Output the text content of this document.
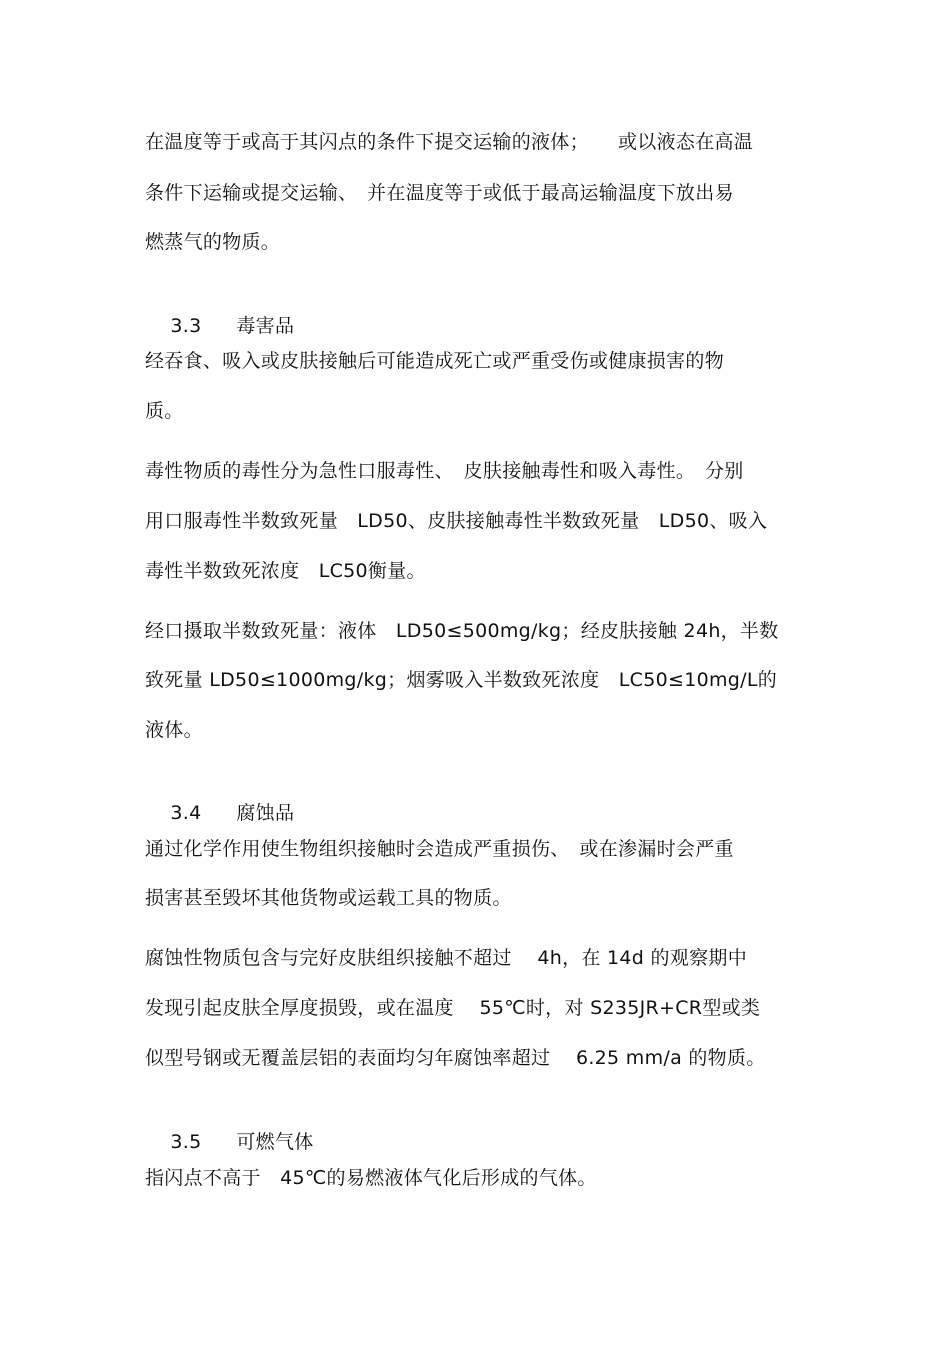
在温度等于或高于其闪点的条件下提交运输的液体；　　或以液态在高温
条件下运输或提交运输、　并在温度等于或低于最高运输温度下放出易
燃蒸气的物质。

3.3 毒害品

经吞食、吸入或皮肤接触后可能造成死亡或严重受伤或健康损害的物
质。
毒性物质的毒性分为急性口服毒性、　皮肤接触毒性和吸入毒性。　分别
用口服毒性半数致死量　LD50、皮肤接触毒性半数致死量　LD50、吸入
毒性半数致死浓度　LC50衡量。
经口摄取半数致死量：液体　LD50≤500mg/kg；经皮肤接触 24h，半数
致死量 LD50≤1000mg/kg；烟雾吸入半数致死浓度　LC50≤10mg/L的
液体。

3.4 腐蚀品

通过化学作用使生物组织接触时会造成严重损伤、　或在渗漏时会严重
损害甚至毁坏其他货物或运载工具的物质。
腐蚀性物质包含与完好皮肤组织接触不超过　 4h，在 14d 的观察期中
发现引起皮肤全厚度损毁，或在温度　 55℃时，对 S235JR+CR型或类
似型号钢或无覆盖层铝的表面均匀年腐蚀率超过　 6.25 mm/a 的物质。

3.5 可燃气体

指闪点不高于　45℃的易燃液体气化后形成的气体。
